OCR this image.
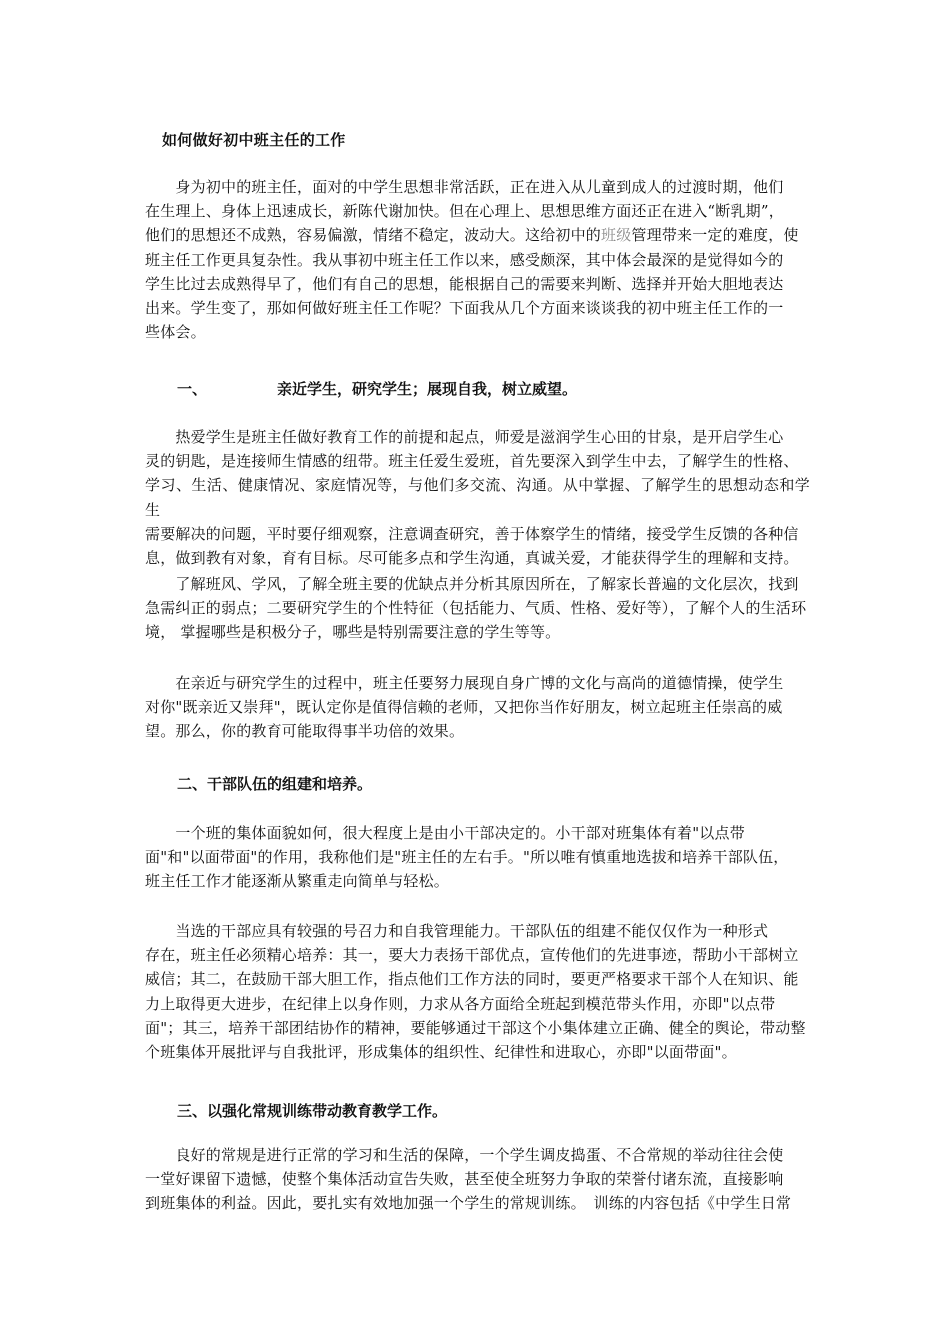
如何做好初中班主任的工作
　　身为初中的班主任，面对的中学生思想非常活跃，正在进入从儿童到成人的过渡时期，他们
在生理上、身体上迅速成长，新陈代谢加快。但在心理上、思想思维方面还正在进入“断乳期”，
他们的思想还不成熟，容易偏激，情绪不稳定，波动大。这给初中的班级管理带来一定的难度，使
班主任工作更具复杂性。我从事初中班主任工作以来，感受颇深，其中体会最深的是觉得如今的
学生比过去成熟得早了，他们有自己的思想，能根据自己的需要来判断、选择并开始大胆地表达
出来。学生变了，那如何做好班主任工作呢？下面我从几个方面来谈谈我的初中班主任工作的一
些体会。
一、	亲近学生，研究学生；展现自我，树立威望。
　　热爱学生是班主任做好教育工作的前提和起点，师爱是滋润学生心田的甘泉，是开启学生心
灵的钥匙，是连接师生情感的纽带。班主任爱生爱班，首先要深入到学生中去，了解学生的性格、
学习、生活、健康情况、家庭情况等，与他们多交流、沟通。从中掌握、了解学生的思想动态和学生
需要解决的问题，平时要仔细观察，注意调查研究，善于体察学生的情绪，接受学生反馈的各种信
息，做到教有对象，育有目标。尽可能多点和学生沟通，真诚关爱，才能获得学生的理解和支持。
　　了解班风、学风，了解全班主要的优缺点并分析其原因所在，了解家长普遍的文化层次，找到
急需纠正的弱点；二要研究学生的个性特征（包括能力、气质、性格、爱好等），了解个人的生活环
境， 掌握哪些是积极分子，哪些是特别需要注意的学生等等。
　　在亲近与研究学生的过程中，班主任要努力展现自身广博的文化与高尚的道德情操，使学生
对你"既亲近又崇拜"，既认定你是值得信赖的老师，又把你当作好朋友，树立起班主任崇高的威
望。那么，你的教育可能取得事半功倍的效果。
二、干部队伍的组建和培养。
　　一个班的集体面貌如何，很大程度上是由小干部决定的。小干部对班集体有着"以点带
面"和"以面带面"的作用，我称他们是"班主任的左右手。"所以唯有慎重地选拔和培养干部队伍，
班主任工作才能逐渐从繁重走向简单与轻松。
　　当选的干部应具有较强的号召力和自我管理能力。干部队伍的组建不能仅仅作为一种形式
存在，班主任必须精心培养：其一，要大力表扬干部优点，宣传他们的先进事迹，帮助小干部树立
威信；其二，在鼓励干部大胆工作，指点他们工作方法的同时，要更严格要求干部个人在知识、能
力上取得更大进步，在纪律上以身作则，力求从各方面给全班起到模范带头作用，亦即"以点带
面"；其三，培养干部团结协作的精神，要能够通过干部这个小集体建立正确、健全的舆论，带动整
个班集体开展批评与自我批评，形成集体的组织性、纪律性和进取心，亦即"以面带面"。
三、以强化常规训练带动教育教学工作。
　　良好的常规是进行正常的学习和生活的保障，一个学生调皮捣蛋、不合常规的举动往往会使
一堂好课留下遗憾，使整个集体活动宣告失败，甚至使全班努力争取的荣誉付诸东流，直接影响
到班集体的利益。因此，要扎实有效地加强一个学生的常规训练。　训练的内容包括《中学生日常
